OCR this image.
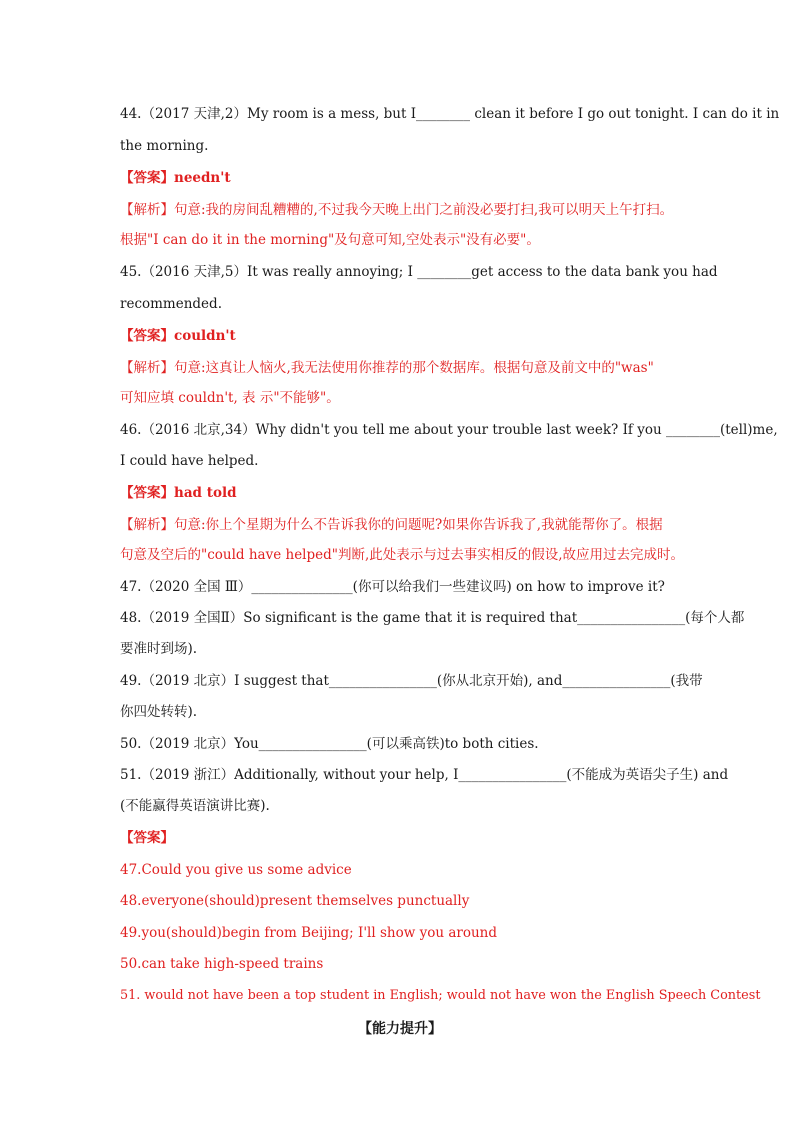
44.（2017 天津,2）My room is a mess, but I________ clean it before I go out tonight. I can do it in
the morning.
【答案】needn't
【解析】句意:我的房间乱糟糟的,不过我今天晚上出门之前没必要打扫,我可以明天上午打扫。
根据"I can do it in the morning"及句意可知,空处表示"没有必要"。
45.（2016 天津,5）It was really annoying; I ________get access to the data bank you had
recommended.
【答案】couldn't
【解析】句意:这真让人恼火,我无法使用你推荐的那个数据库。根据句意及前文中的"was"
可知应填 couldn't, 表 示"不能够"。
46.（2016 北京,34）Why didn't you tell me about your trouble last week? If you ________(tell)me,
I could have helped.
【答案】had told
【解析】句意:你上个星期为什么不告诉我你的问题呢?如果你告诉我了,我就能帮你了。根据
句意及空后的"could have helped"判断,此处表示与过去事实相反的假设,故应用过去完成时。
47.（2020 全国 Ⅲ）_______________(你可以给我们一些建议吗) on how to improve it?
48.（2019 全国Ⅱ）So significant is the game that it is required that________________(每个人都
要准时到场).
49.（2019 北京）I suggest that________________(你从北京开始), and________________(我带
你四处转转).
50.（2019 北京）You________________(可以乘高铁)to both cities.
51.（2019 浙江）Additionally, without your help, I________________(不能成为英语尖子生) and
(不能赢得英语演讲比赛).
【答案】
47.Could you give us some advice
48.everyone(should)present themselves punctually
49.you(should)begin from Beijing; I'll show you around
50.can take high-speed trains
51. would not have been a top student in English; would not have won the English Speech Contest
【能力提升】
